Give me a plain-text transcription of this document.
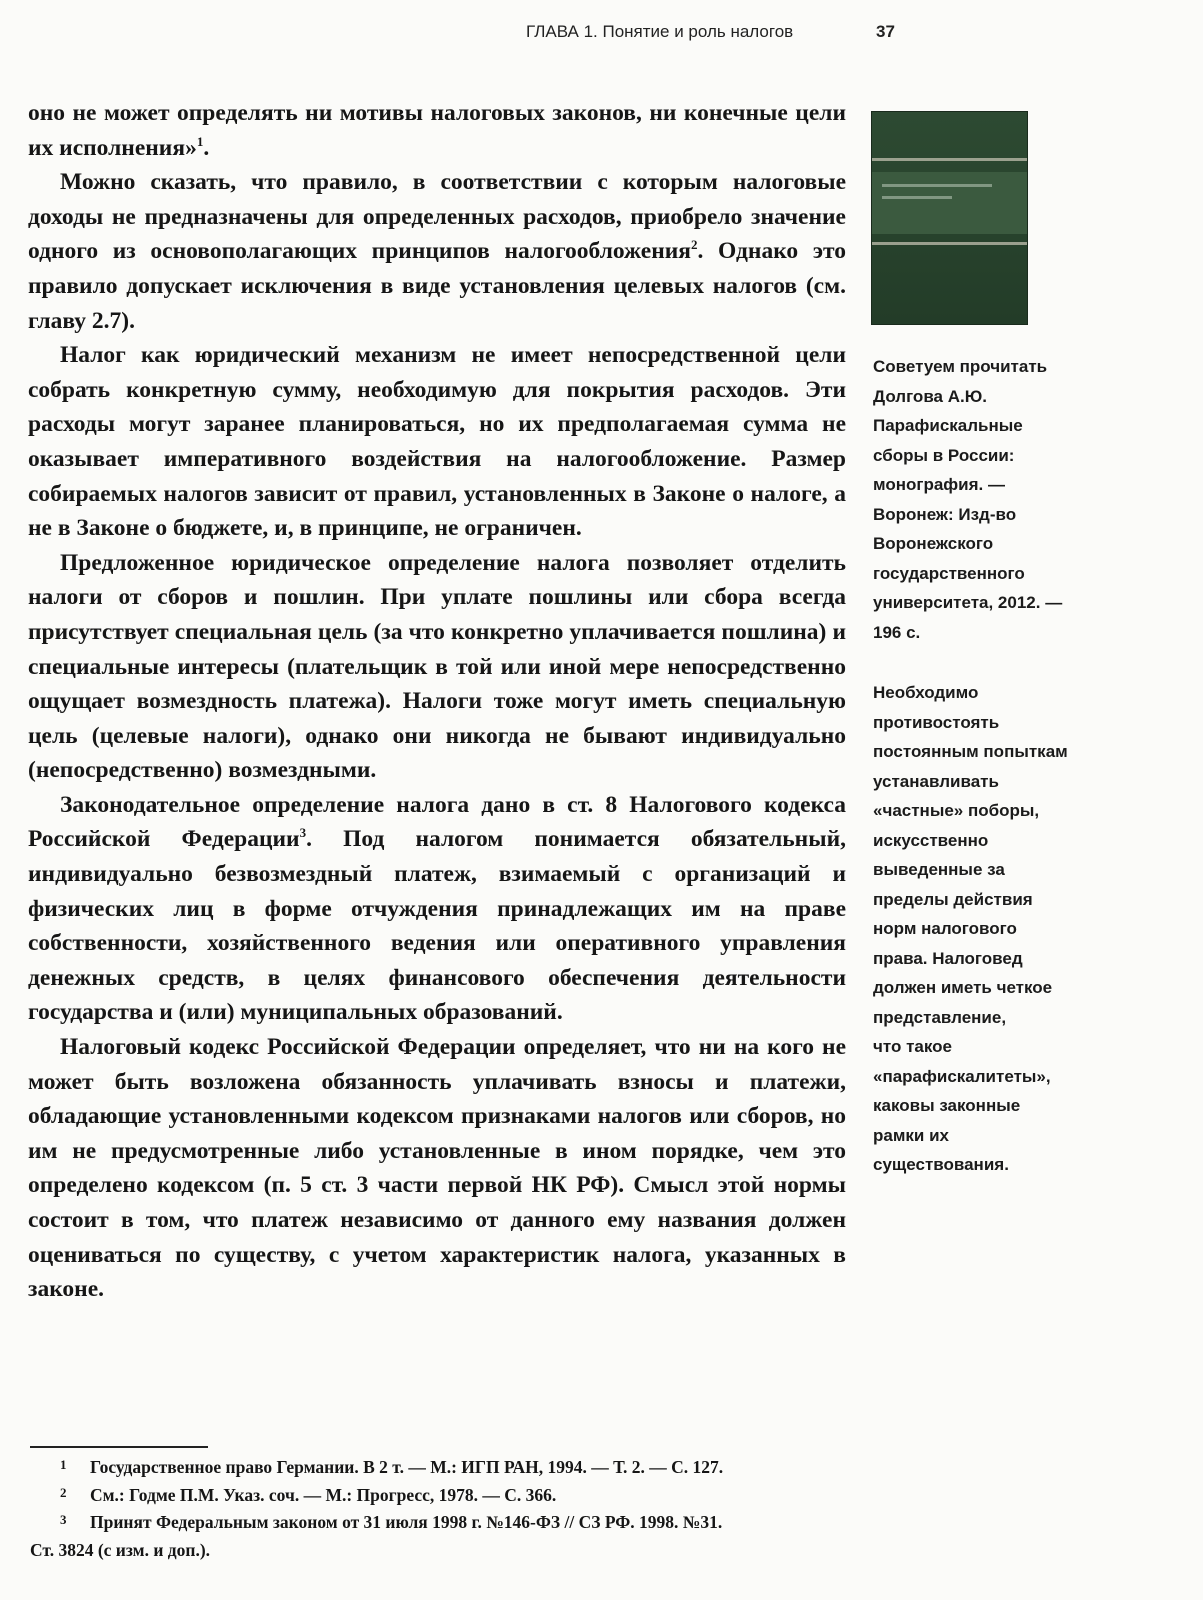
ГЛАВА 1. Понятие и роль налогов	37

оно не может определять ни мотивы налоговых законов, ни конечные цели их исполнения»$^1$.

Можно сказать, что правило, в соответствии с которым налоговые доходы не предназначены для определенных расходов, приобрело значение одного из основополагающих принципов налогообложения$^2$. Однако это правило допускает исключения в виде установления целевых налогов (см. главу 2.7).

Налог как юридический механизм не имеет непосредственной цели собрать конкретную сумму, необходимую для покрытия расходов. Эти расходы могут заранее планироваться, но их предполагаемая сумма не оказывает императивного воздействия на налогообложение. Размер собираемых налогов зависит от правил, установленных в Законе о налоге, а не в Законе о бюджете, и, в принципе, не ограничен.

Предложенное юридическое определение налога позволяет отделить налоги от сборов и пошлин. При уплате пошлины или сбора всегда присутствует специальная цель (за что конкретно уплачивается пошлина) и специальные интересы (плательщик в той или иной мере непосредственно ощущает возмездность платежа). Налоги тоже могут иметь специальную цель (целевые налоги), однако они никогда не бывают индивидуально (непосредственно) возмездными.

Законодательное определение налога дано в ст. 8 Налогового кодекса Российской Федерации$^3$. Под налогом понимается обязательный, индивидуально безвозмездный платеж, взимаемый с организаций и физических лиц в форме отчуждения принадлежащих им на праве собственности, хозяйственного ведения или оперативного управления денежных средств, в целях финансового обеспечения деятельности государства и (или) муниципальных образований.

Налоговый кодекс Российской Федерации определяет, что ни на кого не может быть возложена обязанность уплачивать взносы и платежи, обладающие установленными кодексом признаками налогов или сборов, но им не предусмотренные либо установленные в ином порядке, чем это определено кодексом (п. 5 ст. 3 части первой НК РФ). Смысл этой нормы состоит в том, что платеж независимо от данного ему названия должен оцениваться по существу, с учетом характеристик налога, указанных в законе.

Советуем прочитать
Долгова А.Ю.
Парафискальные
сборы в России:
монография. —
Воронеж: Изд-во
Воронежского
государственного
университета, 2012. —
196 с.
Необходимо
противостоять
постоянным попыткам
устанавливать
«частные» поборы,
искусственно
выведенные за
пределы действия
норм налогового
права. Налоговед
должен иметь четкое
представление,
что такое
«парафискалитеты»,
каковы законные
рамки их
существования.
1 Государственное право Германии. В 2 т. — М.: ИГП РАН, 1994. — Т. 2. — С. 127.
2 См.: Годме П.М. Указ. соч. — М.: Прогресс, 1978. — С. 366.
3 Принят Федеральным законом от 31 июля 1998 г. №146-ФЗ // СЗ РФ. 1998. №31.
Ст. 3824 (с изм. и доп.).
